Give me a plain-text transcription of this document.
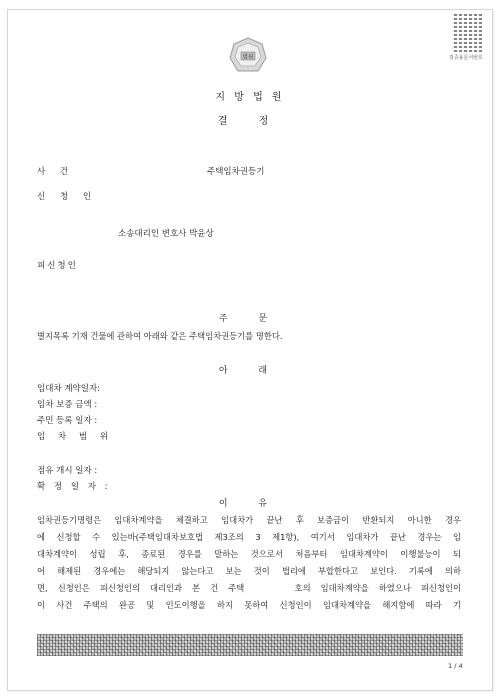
검증용문서번호
법원
지 방 법 원
결 정
사 건	주택임차권등기
신 청 인
소송대리인 변호사 박윤상
피신청인
주 문
별지목록 기재 건물에 관하여 아래와 같은 주택임차권등기를 명한다.
아 래
임대차 계약일자:
임차 보증 금액 :
주민 등록 일자 :
임 차 범 위
점유 개시 일자 :
확 정 일 자 :
이 유
임차권등기명령은 임대차계약을 체결하고 임대차가 끝난 후 보증금이 반환되지 아니한 경우
에 신청할 수 있는바(주택임대차보호법 제3조의 3 제1항), 여기서 임대차가 끝난 경우는 임
대차계약이 성립 후, 종료된 경우를 말하는 것으로서 처음부터 임대차계약이 이행불능이 되
어 해제된 경우에는 해당되지 않는다고 보는 것이 법리에 부합한다고 보인다. 기록에 의하
면, 신청인은 피신청인의 대리인과 본 건 주택     호의 임대차계약을 하였으나 피신청인이
이 사건 주택의 완공 및 인도이행을 하지 못하여 신청인이 임대차계약을 해지함에 따라 기
1 / 4
